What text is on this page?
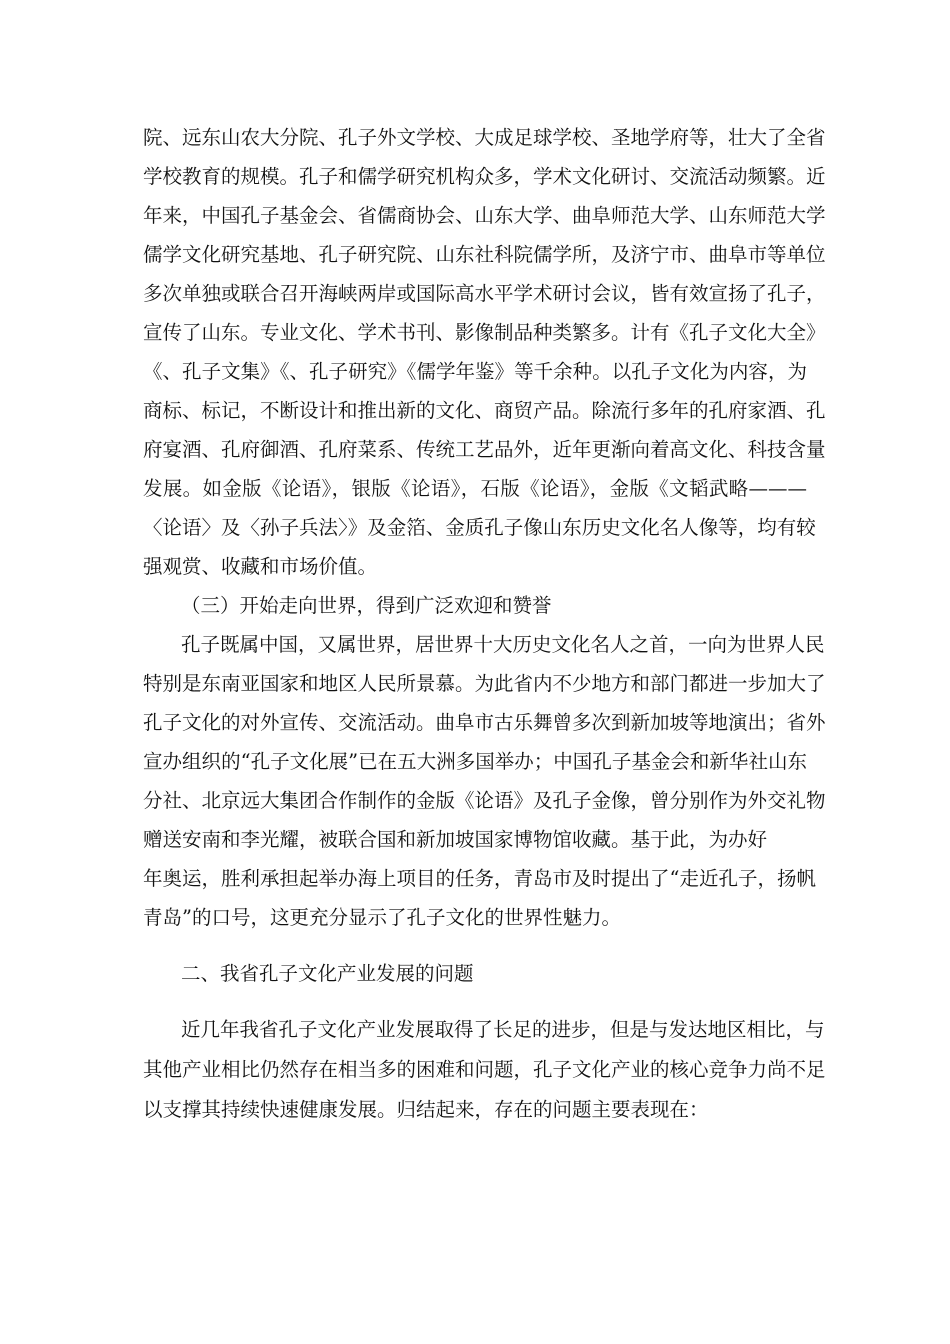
院、远东山农大分院、孔子外文学校、大成足球学校、圣地学府等，壮大了全省
学校教育的规模。孔子和儒学研究机构众多，学术文化研讨、交流活动频繁。近
年来，中国孔子基金会、省儒商协会、山东大学、曲阜师范大学、山东师范大学
儒学文化研究基地、孔子研究院、山东社科院儒学所，及济宁市、曲阜市等单位
多次单独或联合召开海峡两岸或国际高水平学术研讨会议，皆有效宣扬了孔子，
宣传了山东。专业文化、学术书刊、影像制品种类繁多。计有《孔子文化大全》
《、孔子文集》《、孔子研究》《儒学年鉴》等千余种。以孔子文化为内容，为
商标、标记，不断设计和推出新的文化、商贸产品。除流行多年的孔府家酒、孔
府宴酒、孔府御酒、孔府菜系、传统工艺品外，近年更渐向着高文化、科技含量
发展。如金版《论语》，银版《论语》，石版《论语》，金版《文韬武略———
〈论语〉及〈孙子兵法〉》及金箔、金质孔子像山东历史文化名人像等，均有较
强观赏、收藏和市场价值。
（三）开始走向世界，得到广泛欢迎和赞誉
孔子既属中国，又属世界，居世界十大历史文化名人之首，一向为世界人民
特别是东南亚国家和地区人民所景慕。为此省内不少地方和部门都进一步加大了
孔子文化的对外宣传、交流活动。曲阜市古乐舞曾多次到新加坡等地演出；省外
宣办组织的“孔子文化展”已在五大洲多国举办；中国孔子基金会和新华社山东
分社、北京远大集团合作制作的金版《论语》及孔子金像，曾分别作为外交礼物
赠送安南和李光耀，被联合国和新加坡国家博物馆收藏。基于此，为办好
年奥运，胜利承担起举办海上项目的任务，青岛市及时提出了“走近孔子，扬帆
青岛”的口号，这更充分显示了孔子文化的世界性魅力。
二、我省孔子文化产业发展的问题
近几年我省孔子文化产业发展取得了长足的进步，但是与发达地区相比，与
其他产业相比仍然存在相当多的困难和问题，孔子文化产业的核心竞争力尚不足
以支撑其持续快速健康发展。归结起来，存在的问题主要表现在：
